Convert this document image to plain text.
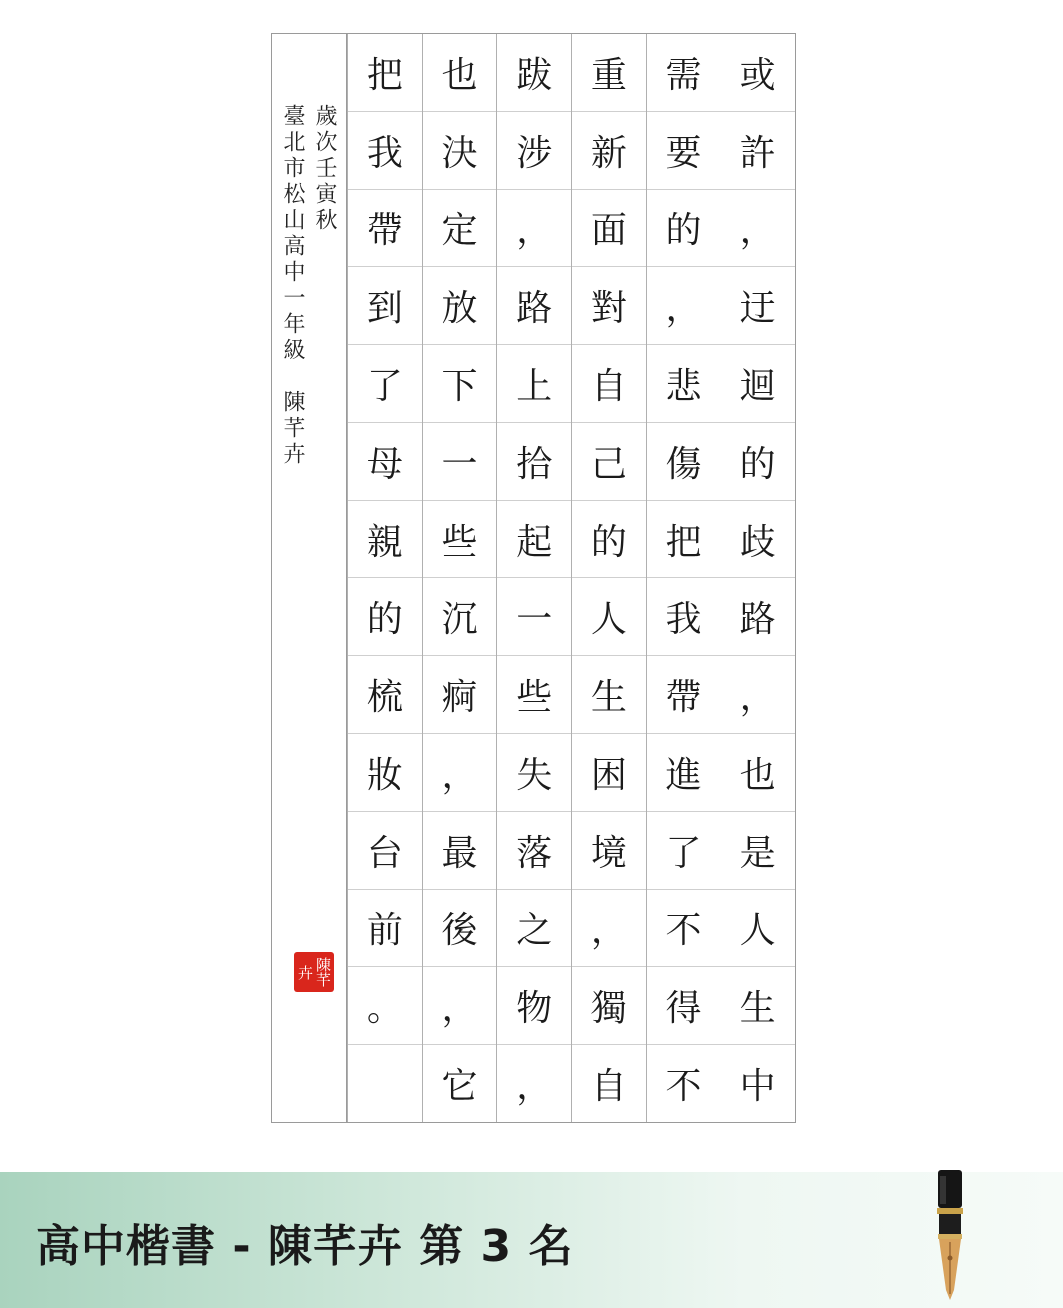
歲次壬寅秋
臺北市松山高中一年級　陳芊卉
陳芊卉
或
許
，
迂
迴
的
歧
路
，
也
是
人
生
中
需
要
的
，
悲
傷
把
我
帶
進
了
不
得
不
重
新
面
對
自
己
的
人
生
困
境
，
獨
自
跋
涉
，
路
上
拾
起
一
些
失
落
之
物
，
也
決
定
放
下
一
些
沉
痾
，
最
後
，
它
把
我
帶
到
了
母
親
的
梳
妝
台
前
。
高中楷書 - 陳芊卉 第 3 名
